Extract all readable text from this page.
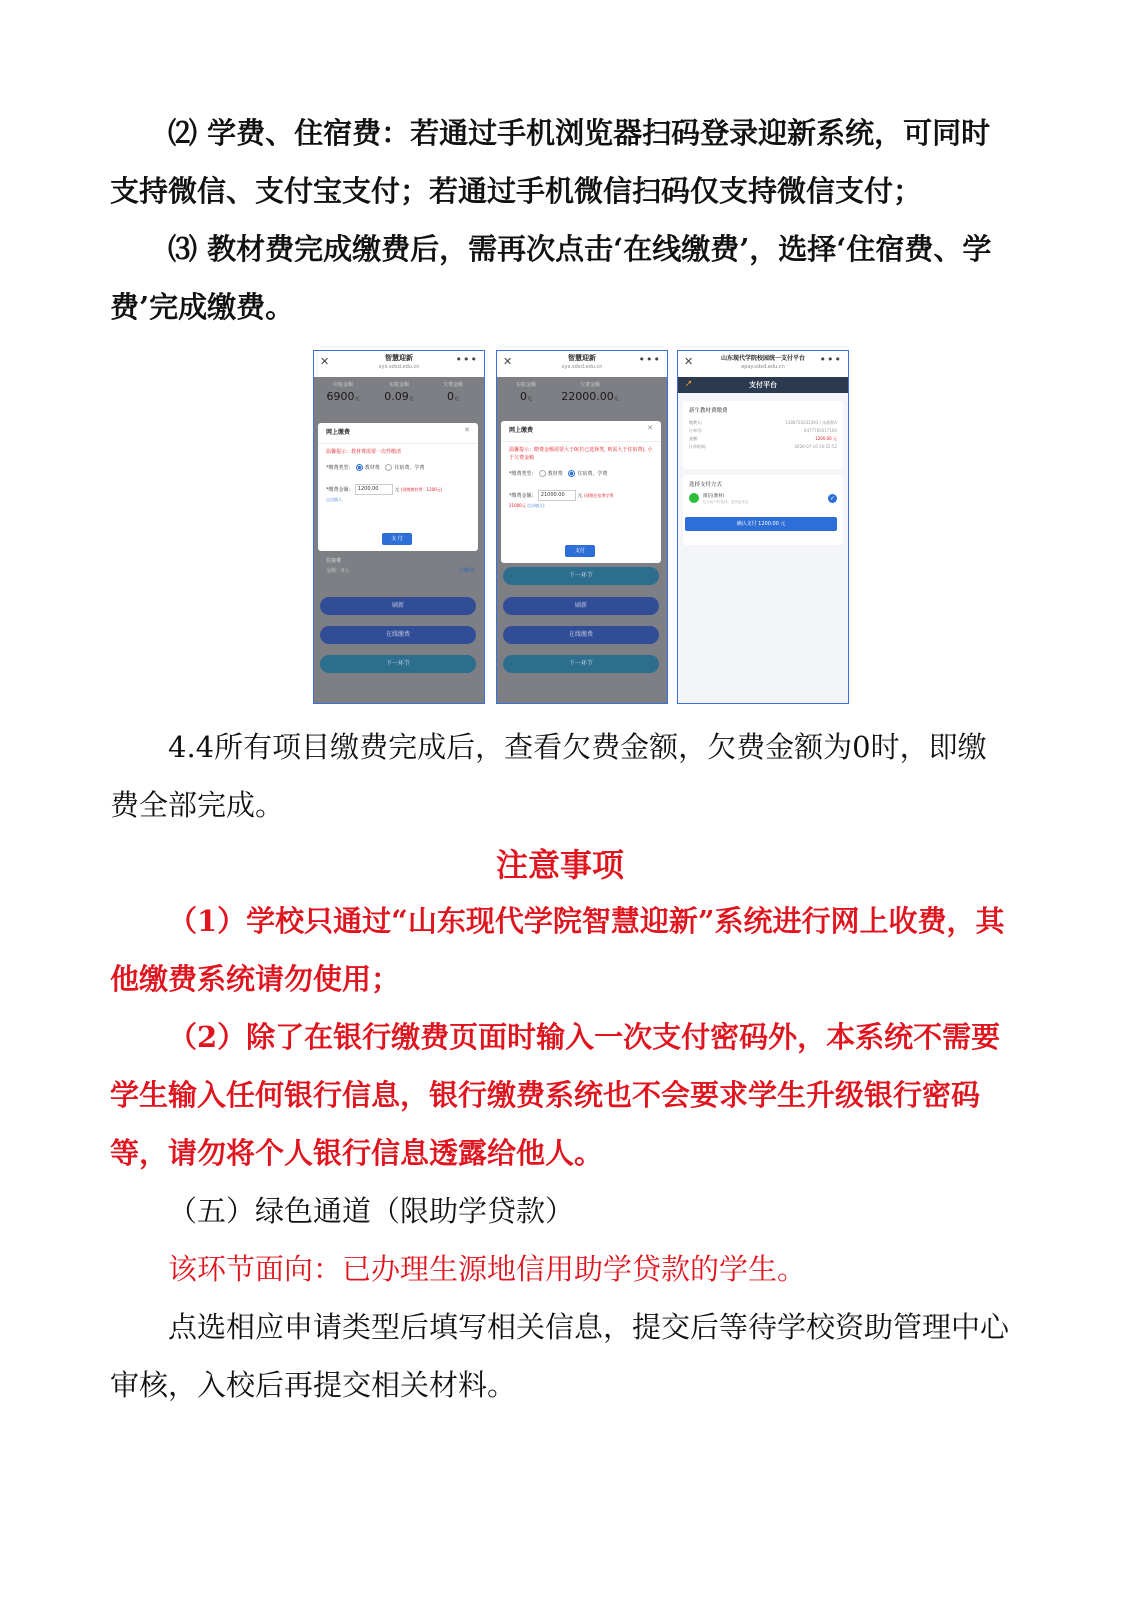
⑵ 学费、住宿费：若通过手机浏览器扫码登录迎新系统，可同时支持微信、支付宝支付；若通过手机微信扫码仅支持微信支付；

⑶ 教材费完成缴费后，需再次点击‘在线缴费’，选择‘住宿费、学费’完成缴费。

✕	智慧迎新
xyx.sdxd.edu.cn
•••
应收金额
6900元
实收金额
0.09元
欠费金额
0元
网上缴费	✕
温馨提示：教材费需要一次性缴清
*缴费类型:	教材费	住宿费、学费
*缴费金额: 1200.00	元 (现缴教材费：1200元)
点击填入
支 付
住宿费
已缴清
金额：0元
刷新
在线缴费
下一环节
✕	智慧迎新
xyx.sdxd.edu.cn
•••
实收金额
0元
欠费金额
22000.00元
网上缴费	✕
温馨提示：缴费金额需要大于0(若已选择类, 则需大于住宿费), 小于欠费金额
*缴费类型:	教材费	住宿费、学费
*缴费金额: 21000.00	元 (现缴住宿费学费
21000元 点击填入)
支付
下一环节
刷新
在线缴费
下一环节
✕	山东现代学院校园统一支付平台
epay.sdxd.edu.cn
•••
➚	支付平台
新生教材费缴费
缴费人:	1288720232493 / 朱静静A
订单号:	6477765017160
金额:	1200.00 元
订单时间:	2026-07-10 10:52:52
选择支付方式
微信(教材)
亿万用户的选择，更快更安全	✓
确认支付 1200.00 元

4.4所有项目缴费完成后，查看欠费金额，欠费金额为0时，即缴费全部完成。

注意事项

（1）学校只通过“山东现代学院智慧迎新”系统进行网上收费，其他缴费系统请勿使用；

（2）除了在银行缴费页面时输入一次支付密码外，本系统不需要学生输入任何银行信息，银行缴费系统也不会要求学生升级银行密码等，请勿将个人银行信息透露给他人。

（五）绿色通道（限助学贷款）

该环节面向：已办理生源地信用助学贷款的学生。

点选相应申请类型后填写相关信息，提交后等待学校资助管理中心审核，入校后再提交相关材料。
